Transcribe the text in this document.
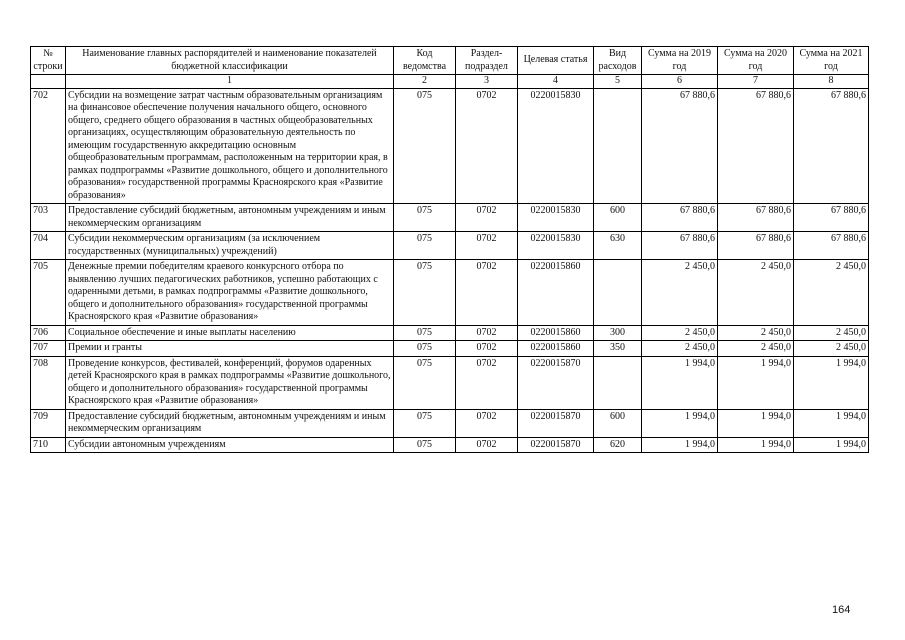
№ строки	Наименование главных распорядителей и наименование показателей бюджетной классификации	Код ведомства	Раздел-подраздел	Целевая статья	Вид расходов	Сумма на 2019 год	Сумма на 2020 год	Сумма на 2021 год
	1	2	3	4	5	6	7	8
702	Субсидии на возмещение затрат частным образовательным организациям на финансовое обеспечение получения начального общего, основного общего, среднего общего образования в частных общеобразовательных организациях, осуществляющим образовательную деятельность по имеющим государственную аккредитацию основным общеобразовательным программам, расположенным на территории края, в рамках подпрограммы «Развитие дошкольного, общего и дополнительного образования» государственной программы Красноярского края «Развитие образования»	075	0702	0220015830		67 880,6	67 880,6	67 880,6
703	Предоставление субсидий бюджетным, автономным учреждениям и иным некоммерческим организациям	075	0702	0220015830	600	67 880,6	67 880,6	67 880,6
704	Субсидии некоммерческим организациям (за исключением государственных (муниципальных) учреждений)	075	0702	0220015830	630	67 880,6	67 880,6	67 880,6
705	Денежные премии победителям краевого конкурсного отбора по выявлению лучших педагогических работников, успешно работающих с одаренными детьми, в рамках подпрограммы «Развитие дошкольного, общего и дополнительного образования» государственной программы Красноярского края «Развитие образования»	075	0702	0220015860		2 450,0	2 450,0	2 450,0
706	Социальное обеспечение и иные выплаты населению	075	0702	0220015860	300	2 450,0	2 450,0	2 450,0
707	Премии и гранты	075	0702	0220015860	350	2 450,0	2 450,0	2 450,0
708	Проведение конкурсов, фестивалей, конференций, форумов одаренных детей Красноярского края в рамках подпрограммы «Развитие дошкольного, общего и дополнительного образования» государственной программы Красноярского края «Развитие образования»	075	0702	0220015870		1 994,0	1 994,0	1 994,0
709	Предоставление субсидий бюджетным, автономным учреждениям и иным некоммерческим организациям	075	0702	0220015870	600	1 994,0	1 994,0	1 994,0
710	Субсидии автономным учреждениям	075	0702	0220015870	620	1 994,0	1 994,0	1 994,0
164
